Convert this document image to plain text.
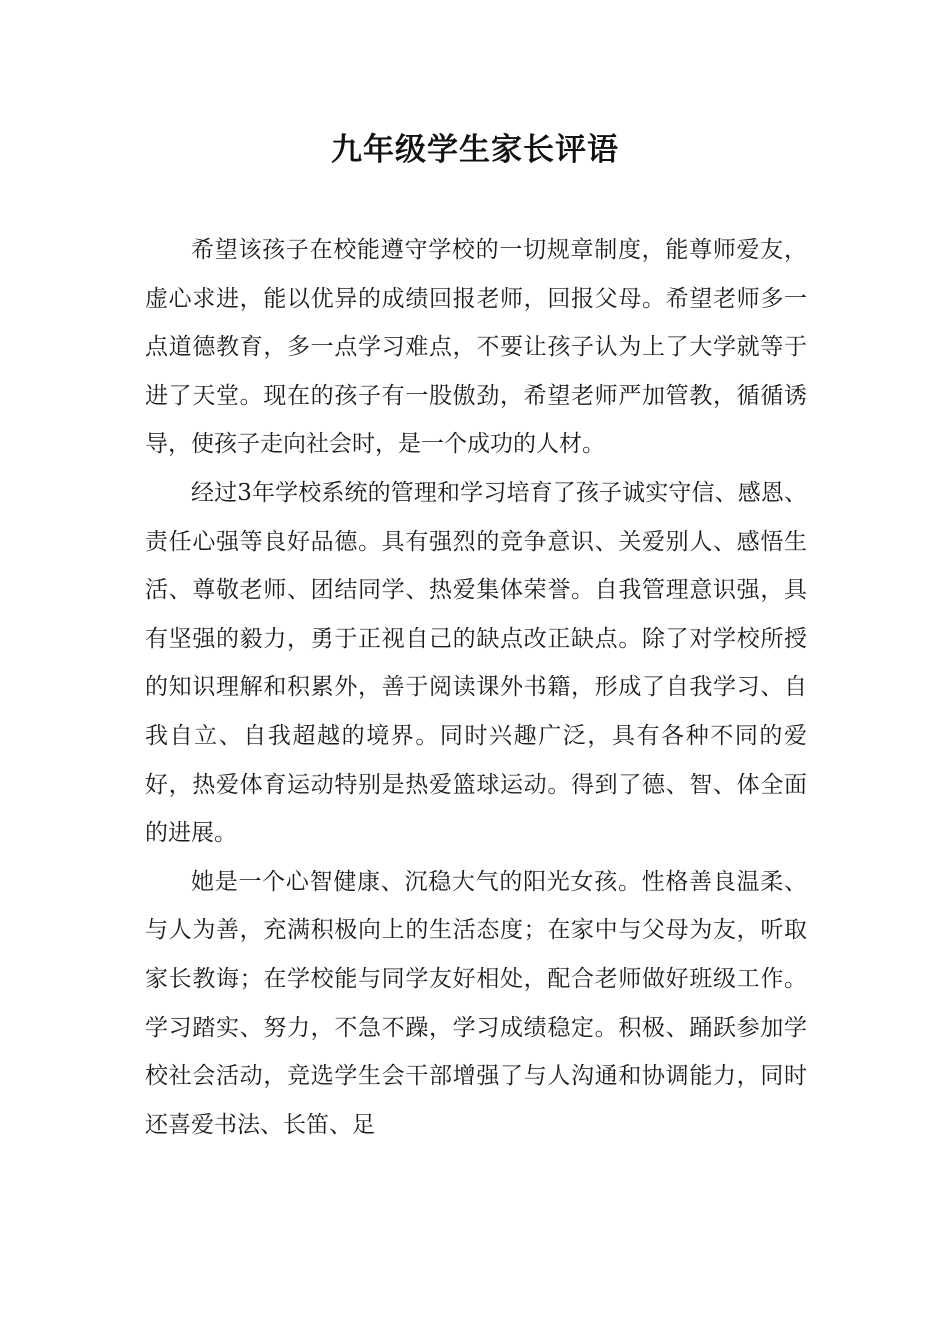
九年级学生家长评语

希望该孩子在校能遵守学校的一切规章制度，能尊师爱友，虚心求进，能以优异的成绩回报老师，回报父母。希望老师多一点道德教育，多一点学习难点，不要让孩子认为上了大学就等于进了天堂。现在的孩子有一股傲劲，希望老师严加管教，循循诱导，使孩子走向社会时，是一个成功的人材。

经过3年学校系统的管理和学习培育了孩子诚实守信、感恩、责任心强等良好品德。具有强烈的竞争意识、关爱别人、感悟生活、尊敬老师、团结同学、热爱集体荣誉。自我管理意识强，具有坚强的毅力，勇于正视自己的缺点改正缺点。除了对学校所授的知识理解和积累外，善于阅读课外书籍，形成了自我学习、自我自立、自我超越的境界。同时兴趣广泛，具有各种不同的爱好，热爱体育运动特别是热爱篮球运动。得到了德、智、体全面的进展。

她是一个心智健康、沉稳大气的阳光女孩。性格善良温柔、与人为善，充满积极向上的生活态度；在家中与父母为友，听取家长教诲；在学校能与同学友好相处，配合老师做好班级工作。学习踏实、努力，不急不躁，学习成绩稳定。积极、踊跃参加学校社会活动，竞选学生会干部增强了与人沟通和协调能力，同时还喜爱书法、长笛、足
